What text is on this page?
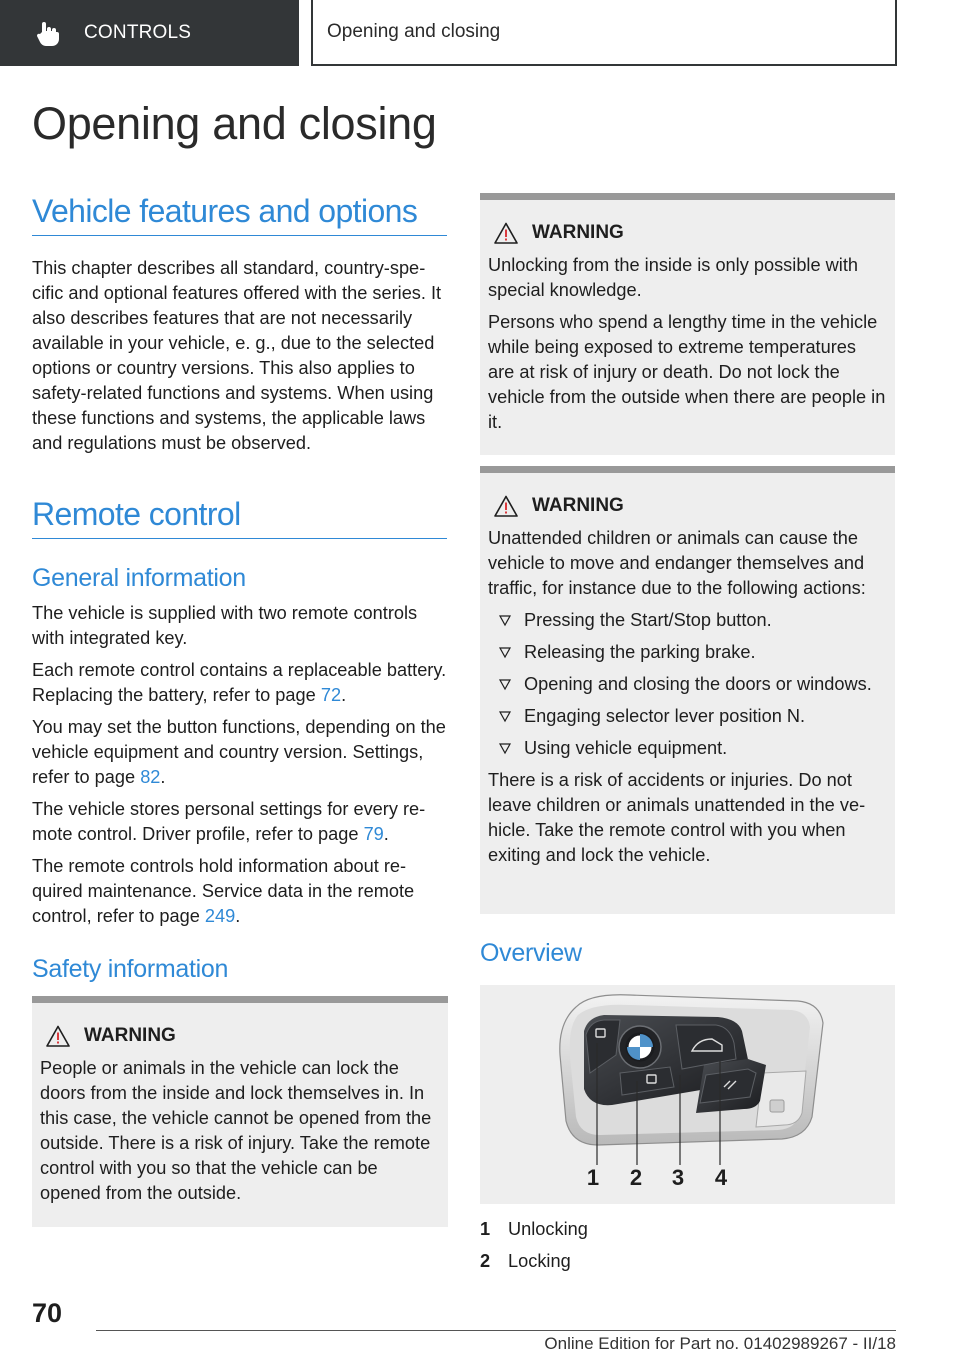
CONTROLS	Opening and closing
Opening and closing
Vehicle features and options

This chapter describes all standard, country-specific and optional features offered with the series. It also describes features that are not necessarily available in your vehicle, e. g., due to the selected options or country versions. This also applies to safety-related functions and systems. When using these functions and systems, the applicable laws and regulations must be observed.

Remote control
General information

The vehicle is supplied with two remote controls with integrated key.

Each remote control contains a replaceable battery. Replacing the battery, refer to page 72.

You may set the button functions, depending on the vehicle equipment and country version. Settings, refer to page 82.

The vehicle stores personal settings for every remote control. Driver profile, refer to page 79.

The remote controls hold information about required maintenance. Service data in the remote control, refer to page 249.

Safety information
WARNING

People or animals in the vehicle can lock the doors from the inside and lock themselves in. In this case, the vehicle cannot be opened from the outside. There is a risk of injury. Take the remote control with you so that the vehicle can be opened from the outside.

WARNING

Unlocking from the inside is only possible with special knowledge.

Persons who spend a lengthy time in the vehicle while being exposed to extreme temperatures are at risk of injury or death. Do not lock the vehicle from the outside when there are people in it.

WARNING

Unattended children or animals can cause the vehicle to move and endanger themselves and traffic, for instance due to the following actions:

Pressing the Start/Stop button.
Releasing the parking brake.
Opening and closing the doors or windows.
Engaging selector lever position N.
Using vehicle equipment.

There is a risk of accidents or injuries. Do not leave children or animals unattended in the vehicle. Take the remote control with you when exiting and lock the vehicle.

Overview
1 2 3 4
1 Unlocking
2 Locking
70
Online Edition for Part no. 01402989267 - II/18
